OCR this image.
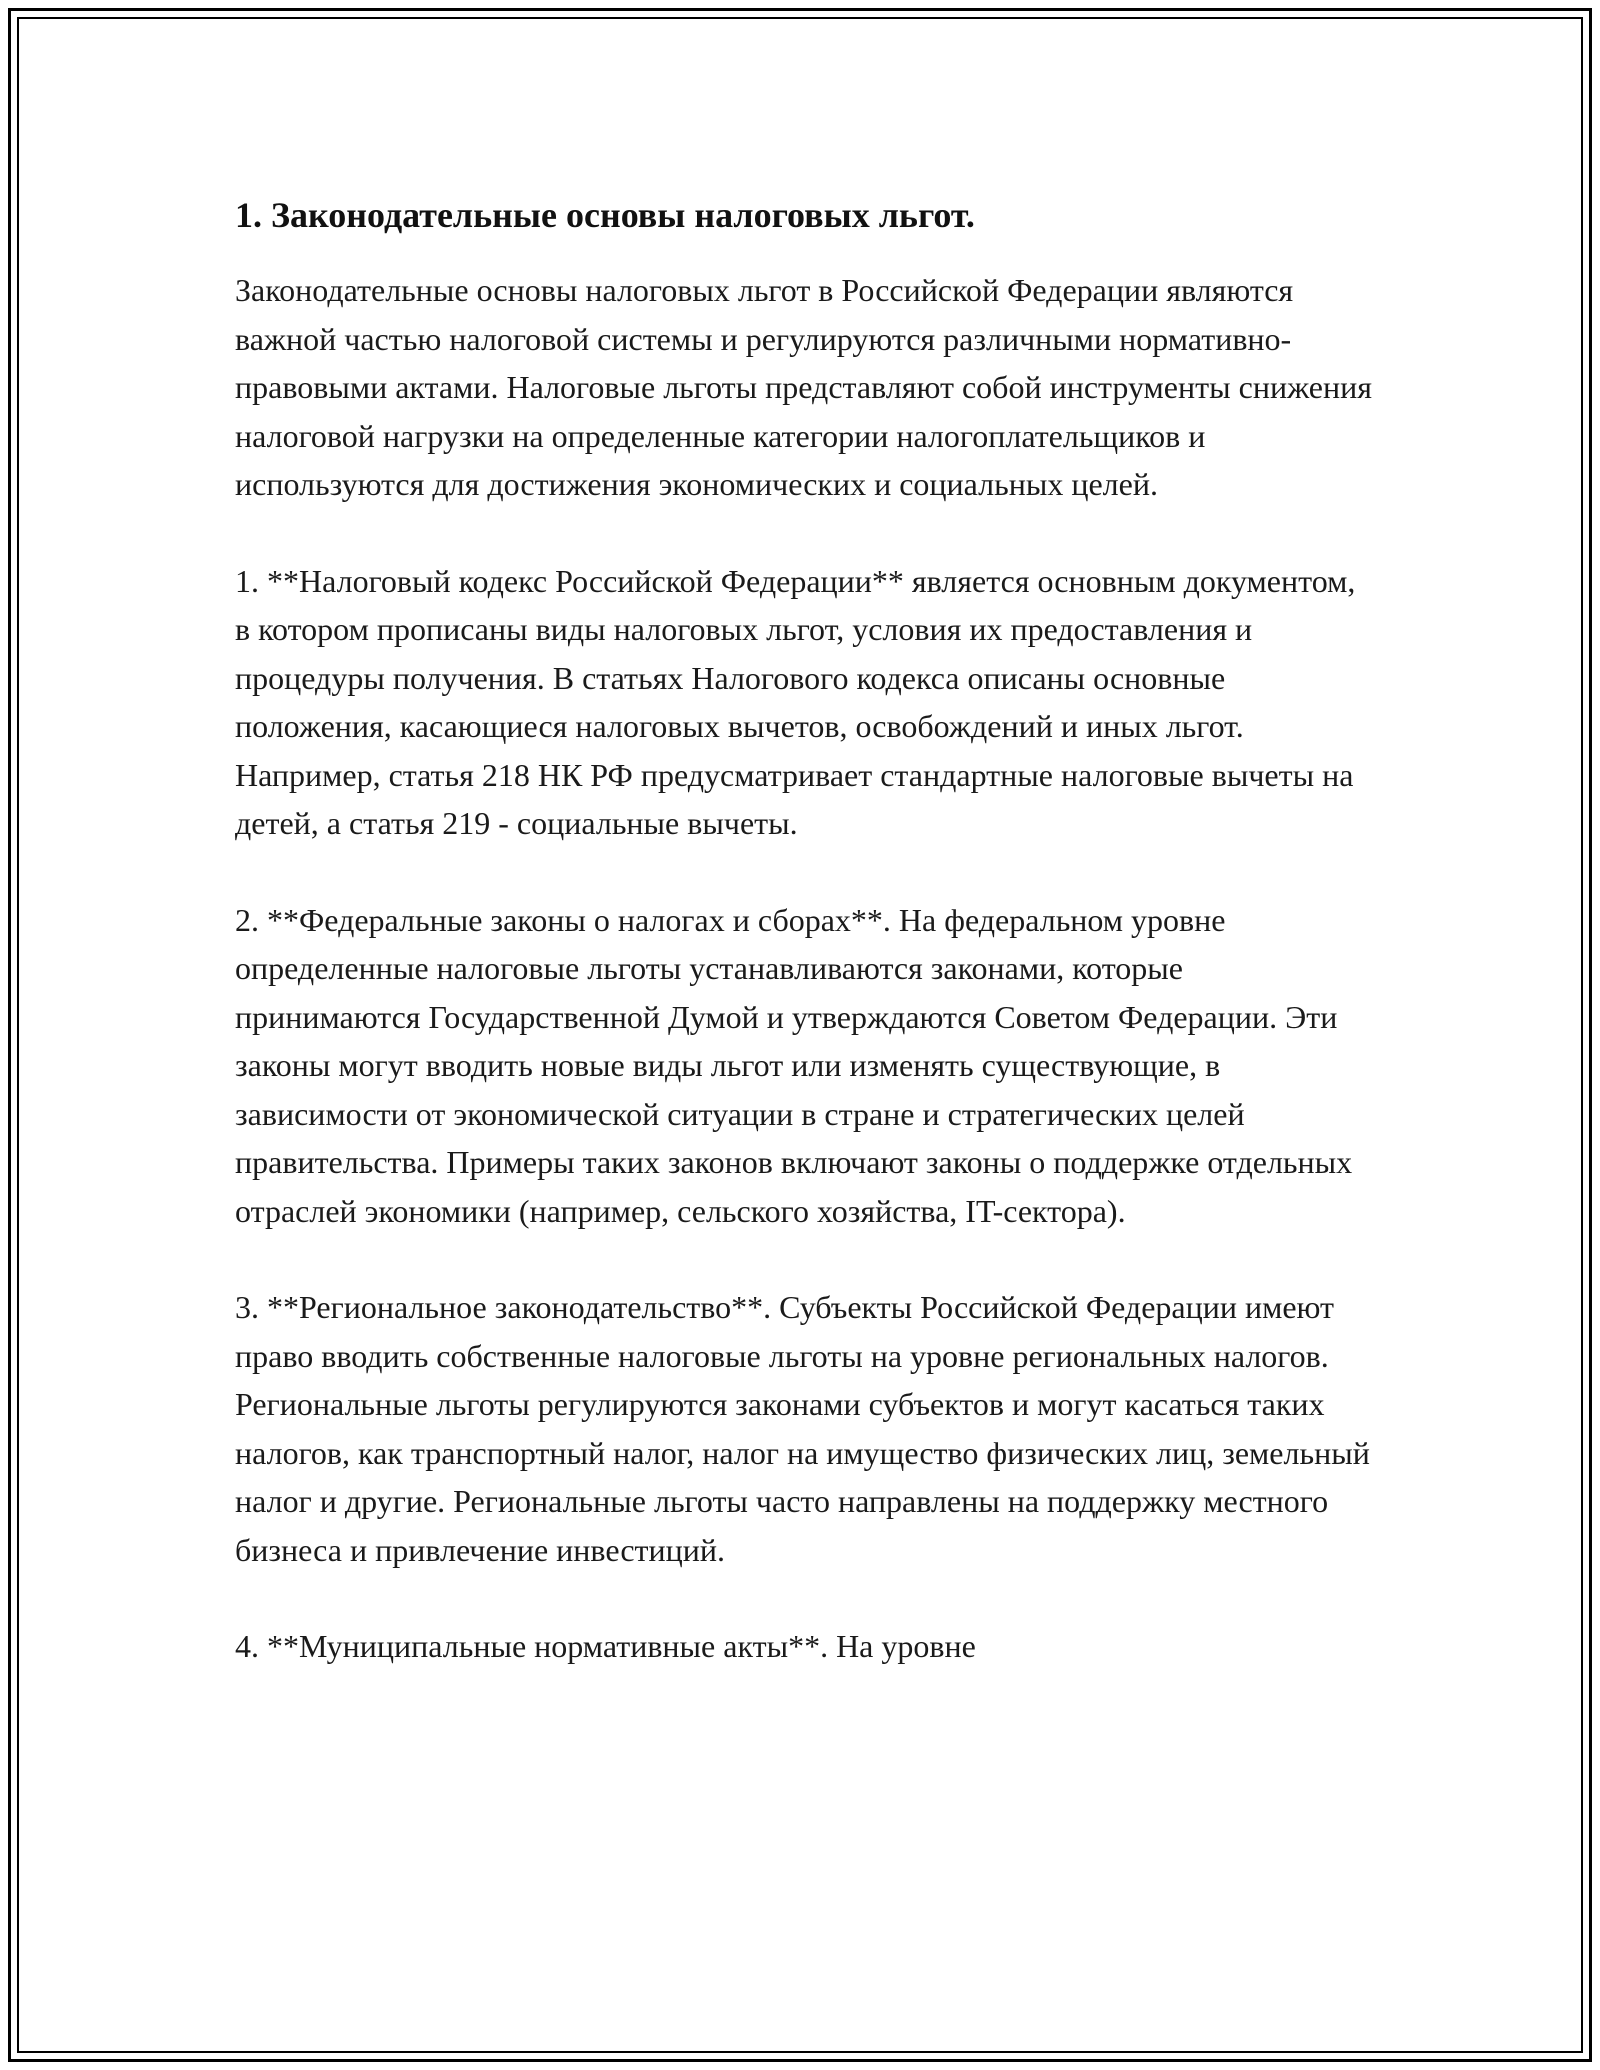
1. Законодательные основы налоговых льгот.

Законодательные основы налоговых льгот в Российской Федерации являются важной частью налоговой системы и регулируются различными нормативно-правовыми актами. Налоговые льготы представляют собой инструменты снижения налоговой нагрузки на определенные категории налогоплательщиков и используются для достижения экономических и социальных целей.

1. **Налоговый кодекс Российской Федерации** является основным документом, в котором прописаны виды налоговых льгот, условия их предоставления и процедуры получения. В статьях Налогового кодекса описаны основные положения, касающиеся налоговых вычетов, освобождений и иных льгот. Например, статья 218 НК РФ предусматривает стандартные налоговые вычеты на детей, а статья 219 - социальные вычеты.

2. **Федеральные законы о налогах и сборах**. На федеральном уровне определенные налоговые льготы устанавливаются законами, которые принимаются Государственной Думой и утверждаются Советом Федерации. Эти законы могут вводить новые виды льгот или изменять существующие, в зависимости от экономической ситуации в стране и стратегических целей правительства. Примеры таких законов включают законы о поддержке отдельных отраслей экономики (например, сельского хозяйства, IT-сектора).

3. **Региональное законодательство**. Субъекты Российской Федерации имеют право вводить собственные налоговые льготы на уровне региональных налогов. Региональные льготы регулируются законами субъектов и могут касаться таких налогов, как транспортный налог, налог на имущество физических лиц, земельный налог и другие. Региональные льготы часто направлены на поддержку местного бизнеса и привлечение инвестиций.

4. **Муниципальные нормативные акты**. На уровне
